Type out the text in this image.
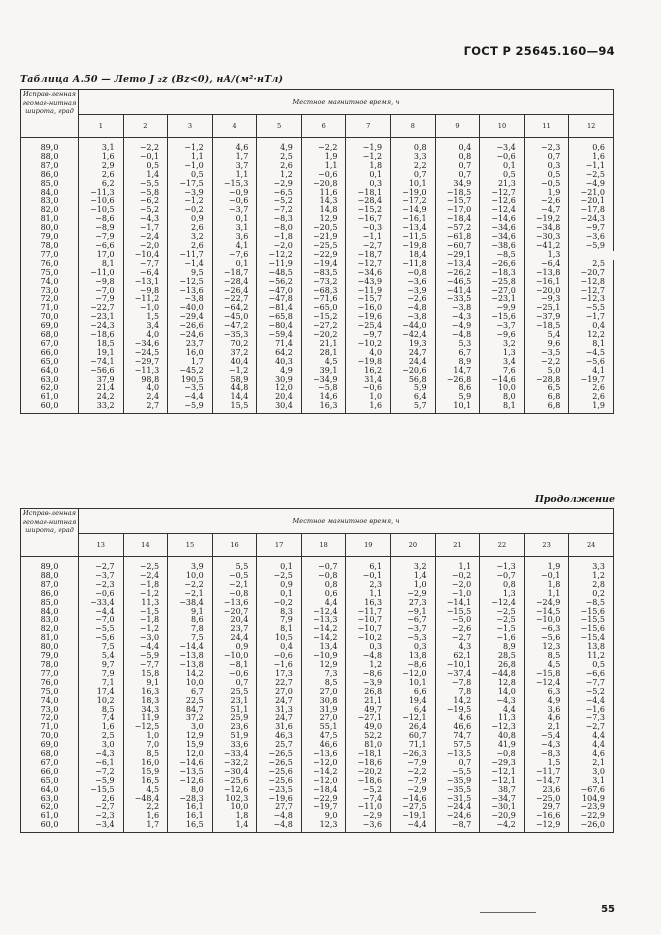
ГОСТ Р 25645.160—94
Таблица А.50 — Лето J ₂z (Bz<0), нА/(м²·нТл)
Исправ-ленная геомаг-нитная широта, град	Местное магнитное время, ч											
	1	2	3	4	5	6	7	8	9	10	11	12
89,0	3,1	−2,2	−1,2	4,6	4,9	−2,2	−1,9	0,8	0,4	−3,4	−2,3	0,6
88,0	1,6	−0,1	1,1	1,7	2,5	1,9	−1,2	3,3	0,8	−0,6	0,7	1,6
87,0	2,9	0,5	−1,0	3,7	2,6	1,1	1,8	2,2	0,7	0,1	0,3	−1,1
86,0	2,6	1,4	0,5	1,1	1,2	−0,6	0,1	0,7	0,7	0,5	0,5	−2,5
85,0	6,2	−5,5	−17,5	−15,3	−2,9	−20,8	0,3	10,1	34,9	21,3	−0,5	−4,9
84,0	−11,3	−5,8	−3,9	−0,9	−6,5	11,6	−18,1	−19,0	−18,5	−12,7	1,9	−21,0
83,0	−10,6	−6,2	−1,2	−0,6	−5,2	14,3	−28,4	−17,2	−15,7	−12,6	−2,6	−20,1
82,0	−10,5	−5,2	−0,2	−3,7	−7,2	14,8	−15,2	−14,9	−17,0	−12,4	−4,7	−17,8
81,0	−8,6	−4,3	0,9	0,1	−8,3	12,9	−16,7	−16,1	−18,4	−14,6	−19,2	−24,3
80,0	−8,9	−1,7	2,6	3,1	−8,0	−20,5	−0,3	−13,4	−57,2	−34,6	−34,8	−9,7
79,0	−7,9	−2,4	3,2	3,6	−1,8	−21,9	−1,1	−11,5	−61,8	−34,6	−30,3	−3,6
78,0	−6,6	−2,0	2,6	4,1	−2,0	−25,5	−2,7	−19,8	−60,7	−38,6	−41,2	−5,9
77,0	17,0	−10,4	−11,7	−7,6	−12,2	−22,9	−18,7	18,4	−29,1	−8,5	1,3	
76,0	8,1	−7,7	−1,4	0,1	−11,9	−19,4	−12,7	−11,8	−13,4	−26,6	−6,4	2,5
75,0	−11,0	−6,4	9,5	−18,7	−48,5	−83,5	−34,6	−0,8	−26,2	−18,3	−13,8	−20,7
74,0	−9,8	−13,1	−12,5	−28,4	−56,2	−73,2	−43,9	−3,6	−46,5	−25,8	−16,1	−12,8
73,0	−7,0	−9,8	−13,6	−26,4	−47,0	−68,3	−11,9	−3,9	−41,4	−27,0	−20,0	−12,7
72,0	−7,9	−11,2	−3,8	−22,7	−47,8	−71,6	−15,7	−2,6	−33,5	−23,1	−9,3	−12,3
71,0	−22,7	−1,0	−40,0	−64,2	−81,4	−65,0	−16,0	−4,8	−3,8	−9,9	−25,1	−5,5
70,0	−23,1	1,5	−29,4	−45,0	−65,8	−15,2	−19,6	−3,8	−4,3	−15,6	−37,9	−1,7
69,0	−24,3	3,4	−26,6	−47,2	−80,4	−27,2	−25,4	−44,0	−4,9	−3,7	−18,5	0,4
68,0	−18,6	4,0	−24,6	−35,3	−59,4	−20,2	−9,7	−42,4	−4,8	−9,6	5,4	12,2
67,0	18,5	−34,6	23,7	70,2	71,4	21,1	−10,2	19,3	5,3	3,2	9,6	8,1
66,0	19,1	−24,5	16,0	37,2	64,2	28,1	4,0	24,7	6,7	1,3	−3,5	−4,5
65,0	−74,1	−29,7	1,7	40,4	40,3	4,5	−19,8	24,4	8,9	3,4	−2,2	−5,6
64,0	−56,6	−11,3	−45,2	−1,2	4,9	39,1	16,2	−20,6	14,7	7,6	5,0	4,1
63,0	37,9	98,8	190,5	58,9	30,9	−34,9	31,4	56,8	−26,8	−14,6	−28,8	−19,7
62,0	21,4	4,0	−3,5	44,8	12,0	−5,8	−0,6	5,9	8,6	10,0	6,5	2,6
61,0	24,2	2,4	−4,4	14,4	20,4	14,6	1,0	6,4	5,9	8,0	6,8	2,6
60,0	33,2	2,7	−5,9	15,5	30,4	16,3	1,6	5,7	10,1	8,1	6,8	1,9
Продолжение
Исправ-ленная геомаг-нитная широта, град	Местное магнитное время, ч											
	13	14	15	16	17	18	19	20	21	22	23	24
89,0	−2,7	−2,5	3,9	5,5	0,1	−0,7	6,1	3,2	1,1	−1,3	1,9	3,3
88,0	−3,7	−2,4	10,0	−0,5	−2,5	−0,8	−0,1	1,4	−0,2	−0,7	−0,1	1,2
87,0	−2,3	−1,8	−2,2	−2,1	0,9	0,8	2,3	1,0	−2,0	0,8	1,8	2,8
86,0	−0,6	−1,2	−2,1	−0,8	0,1	0,6	1,1	−2,9	−1,0	1,3	1,1	0,2
85,0	−33,4	11,3	−38,4	−13,6	−0,2	4,4	16,3	27,3	−14,1	−12,4	−24,9	−8,5
84,0	−4,4	−1,5	9,1	−20,7	8,3	−12,4	−11,7	−9,1	−15,5	−2,5	−14,5	−15,6
83,0	−7,0	−1,8	8,6	20,4	7,9	−13,3	−10,7	−6,7	−5,0	−2,5	−10,0	−15,5
82,0	−5,5	−1,2	7,8	23,7	8,1	−14,2	−10,7	−3,7	−2,6	−1,5	−6,3	−15,6
81,0	−5,6	−3,0	7,5	24,4	10,5	−14,2	−10,2	−5,3	−2,7	−1,6	−5,6	−15,4
80,0	7,5	−4,4	−14,4	0,9	0,4	13,4	0,3	0,3	4,3	8,9	12,3	13,8
79,0	5,4	−5,9	−13,8	−10,0	−0,6	−10,9	−4,8	13,8	62,1	28,5	8,5	11,2
78,0	9,7	−7,7	−13,8	−8,1	−1,6	12,9	1,2	−8,6	−10,1	26,8	4,5	0,5
77,0	7,9	15,8	14,2	−0,6	17,3	7,3	−8,6	−12,0	−37,4	−44,8	−15,8	−6,6
76,0	7,1	9,1	10,0	0,7	22,7	8,5	−3,9	10,1	−7,8	12,8	−12,4	−7,7
75,0	17,4	16,3	6,7	25,5	27,0	27,0	26,8	6,6	7,8	14,0	6,3	−5,2
74,0	10,2	18,3	22,5	23,1	24,7	30,8	21,1	19,4	14,2	−4,3	4,9	−4,4
73,0	8,5	34,3	84,7	51,1	31,3	31,9	49,7	6,4	−19,5	4,4	3,6	−1,6
72,0	7,4	11,9	37,2	25,9	24,7	27,0	−27,1	−12,1	4,6	11,3	4,6	−7,3
71,0	1,6	−12,5	3,0	23,6	31,6	55,1	49,0	26,4	46,6	−12,3	2,1	−2,7
70,0	2,5	1,0	12,9	51,9	46,3	47,5	52,2	60,7	74,7	40,8	−5,4	4,4
69,0	3,0	7,0	15,9	33,6	25,7	46,6	81,0	71,1	57,5	41,9	−4,3	4,4
68,0	−4,3	8,5	12,0	−33,4	−26,5	−13,6	−18,1	−26,3	−13,5	−0,8	−8,3	4,6
67,0	−6,1	16,0	−14,6	−32,2	−26,5	−12,0	−18,6	−7,9	0,7	−29,3	1,5	2,1
66,0	−7,2	15,9	−13,5	−30,4	−25,6	−14,2	−20,2	−2,2	−5,5	−12,1	−11,7	3,0
65,0	−5,9	16,5	−12,6	−25,6	−25,6	−12,0	−18,6	−7,9	−35,9	−12,1	−14,7	3,1
64,0	−15,5	4,5	8,0	−12,6	−23,5	−18,4	−5,2	−2,9	−35,5	38,7	23,6	−67,6
63,0	2,6	−48,4	−28,3	102,3	−19,6	−22,9	−7,4	−14,6	−31,5	−34,7	−25,0	104,9
62,0	−2,7	2,2	16,1	10,0	27,7	−19,7	−11,0	−27,5	−24,4	−30,1	29,7	−23,9
61,0	−2,3	1,6	16,1	1,8	−4,8	9,0	−2,9	−19,1	−24,6	−20,9	−16,6	−22,9
60,0	−3,4	1,7	16,5	1,4	−4,8	12,3	−3,6	−4,4	−8,7	−4,2	−12,9	−26,0
55
